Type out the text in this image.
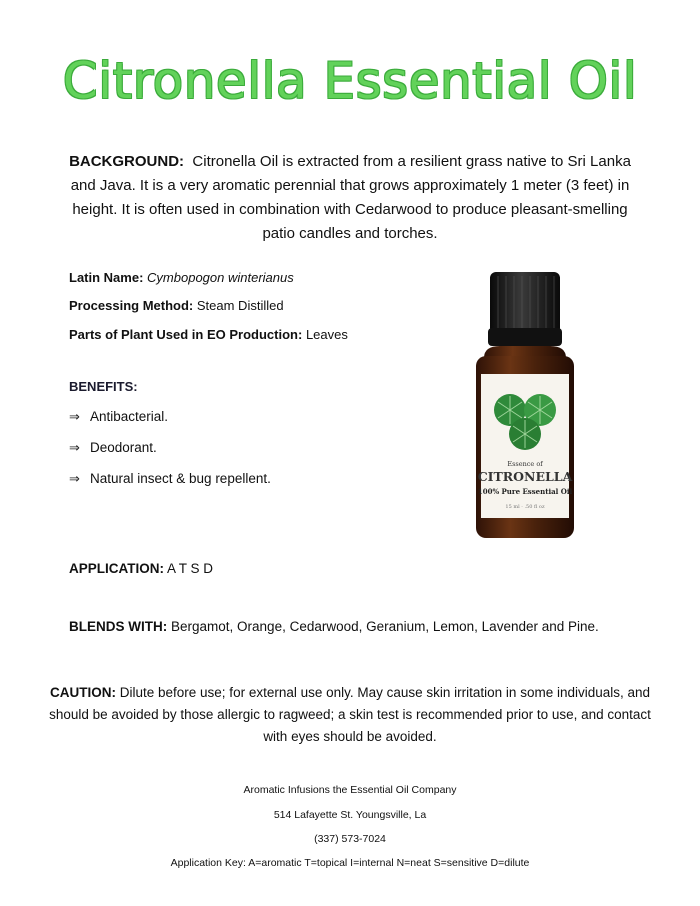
Citronella Essential Oil
BACKGROUND: Citronella Oil is extracted from a resilient grass native to Sri Lanka and Java. It is a very aromatic perennial that grows approximately 1 meter (3 feet) in height. It is often used in combination with Cedarwood to produce pleasant-smelling patio candles and torches.
Latin Name: Cymbopogon winterianus
Processing Method: Steam Distilled
Parts of Plant Used in EO Production: Leaves
BENEFITS:
⇒ Antibacterial.
⇒ Deodorant.
⇒ Natural insect & bug repellent.
Essence of
CITRONELLA
100% Pure Essential Oil
15 ml · .50 fl oz
APPLICATION: A T S D
BLENDS WITH: Bergamot, Orange, Cedarwood, Geranium, Lemon, Lavender and Pine.
CAUTION: Dilute before use; for external use only. May cause skin irritation in some individuals, and should be avoided by those allergic to ragweed; a skin test is recommended prior to use, and contact with eyes should be avoided.
Aromatic Infusions the Essential Oil Company
514 Lafayette St. Youngsville, La
(337) 573-7024
Application Key: A=aromatic T=topical I=internal N=neat S=sensitive D=dilute
